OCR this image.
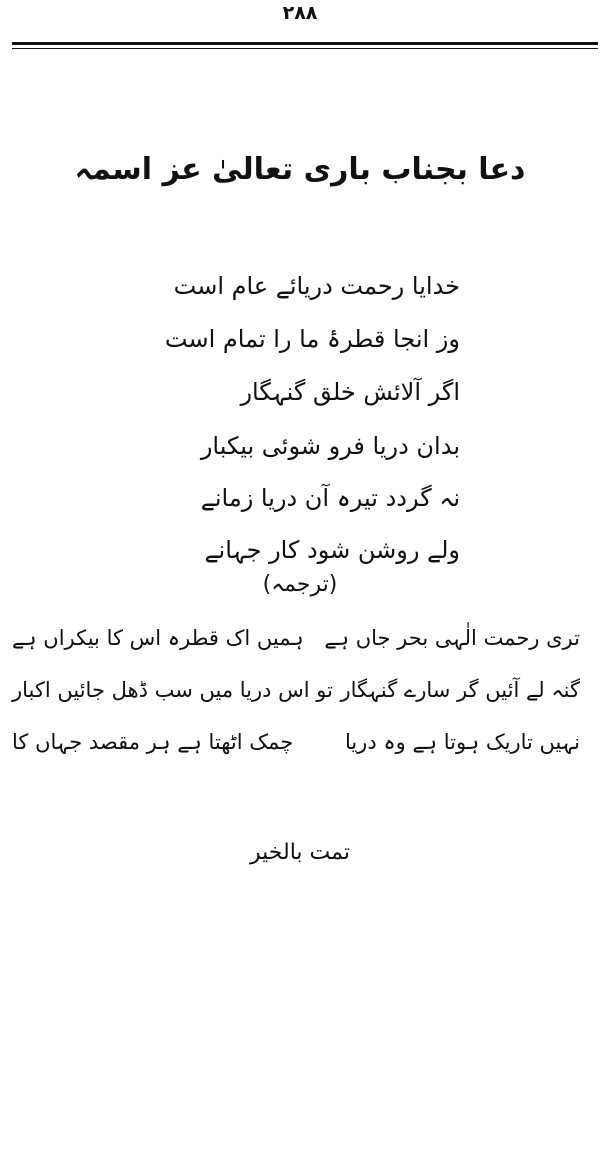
۲۸۸
دعا بجناب باری تعالیٰ عز اسمہ
خدایا رحمت دریائے عام است
وز انجا قطرۂ ما را تمام است
اگر آلائش خلق گنہگار
بدان دریا فرو شوئی بیکبار
نہ گردد تیرہ آن دریا زمانے
ولے روشن شود کار جہانے
(ترجمہ)
تری رحمت الٰہی بحر جاں ہے
ہمیں اک قطرہ اس کا بیکراں ہے
گنہ لے آئیں گر سارے گنہگار
تو اس دریا میں سب ڈھل جائیں اکبار
نہیں تاریک ہوتا ہے وہ دریا
چمک اٹھتا ہے ہر مقصد جہاں کا
تمت بالخیر
